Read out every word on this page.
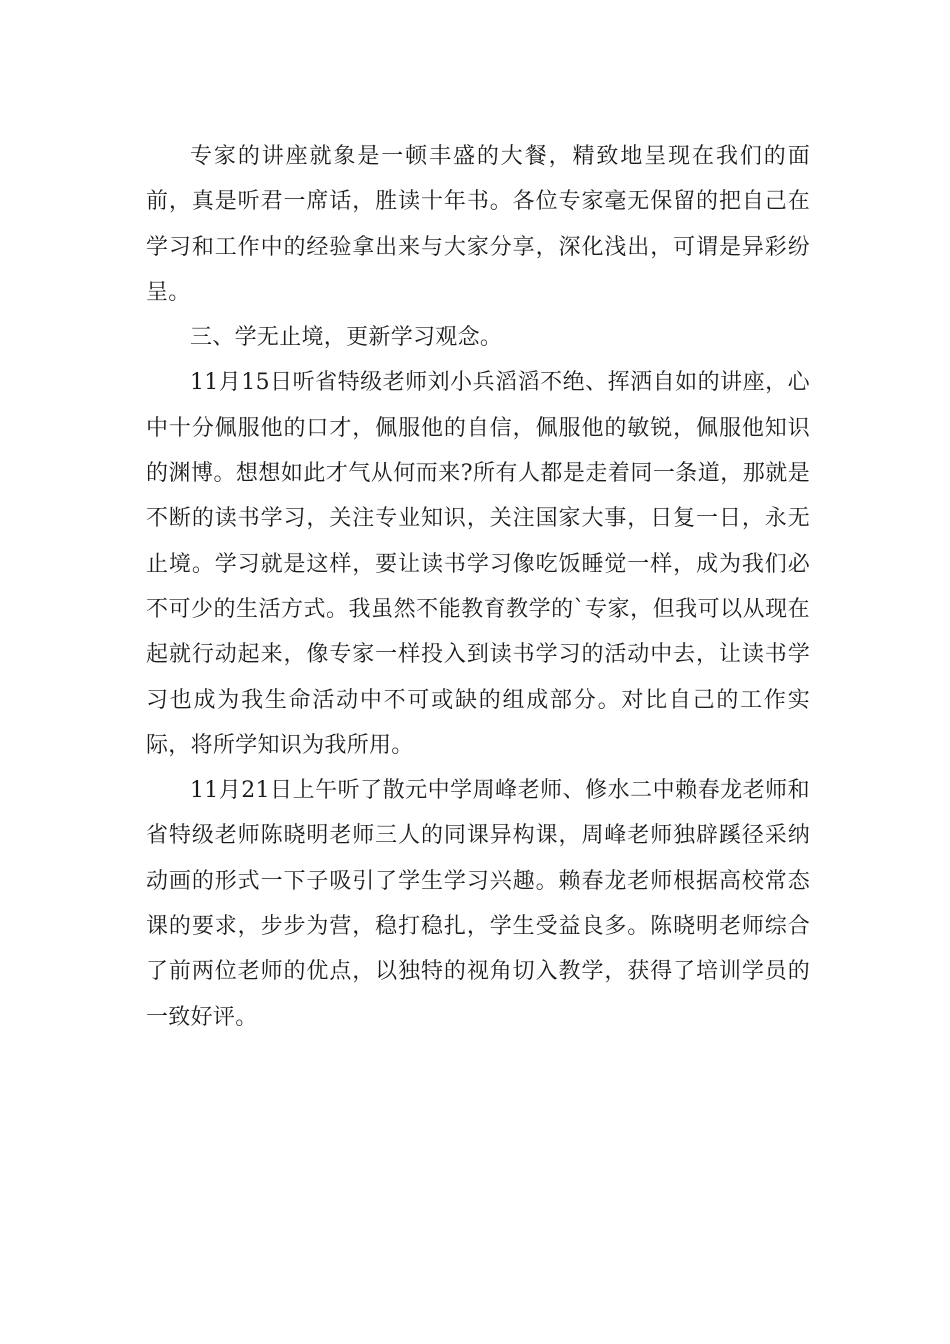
专家的讲座就象是一顿丰盛的大餐，精致地呈现在我们的面前，真是听君一席话，胜读十年书。各位专家毫无保留的把自己在学习和工作中的经验拿出来与大家分享，深化浅出，可谓是异彩纷呈。

三、学无止境，更新学习观念。

11月15日听省特级老师刘小兵滔滔不绝、挥洒自如的讲座，心中十分佩服他的口才，佩服他的自信，佩服他的敏锐，佩服他知识的渊博。想想如此才气从何而来?所有人都是走着同一条道，那就是不断的读书学习，关注专业知识，关注国家大事，日复一日，永无止境。学习就是这样，要让读书学习像吃饭睡觉一样，成为我们必不可少的生活方式。我虽然不能教育教学的`专家，但我可以从现在起就行动起来，像专家一样投入到读书学习的活动中去，让读书学习也成为我生命活动中不可或缺的组成部分。对比自己的工作实际，将所学知识为我所用。

11月21日上午听了散元中学周峰老师、修水二中赖春龙老师和省特级老师陈晓明老师三人的同课异构课，周峰老师独辟蹊径采纳动画的形式一下子吸引了学生学习兴趣。赖春龙老师根据高校常态课的要求，步步为营，稳打稳扎，学生受益良多。陈晓明老师综合了前两位老师的优点，以独特的视角切入教学，获得了培训学员的一致好评。
